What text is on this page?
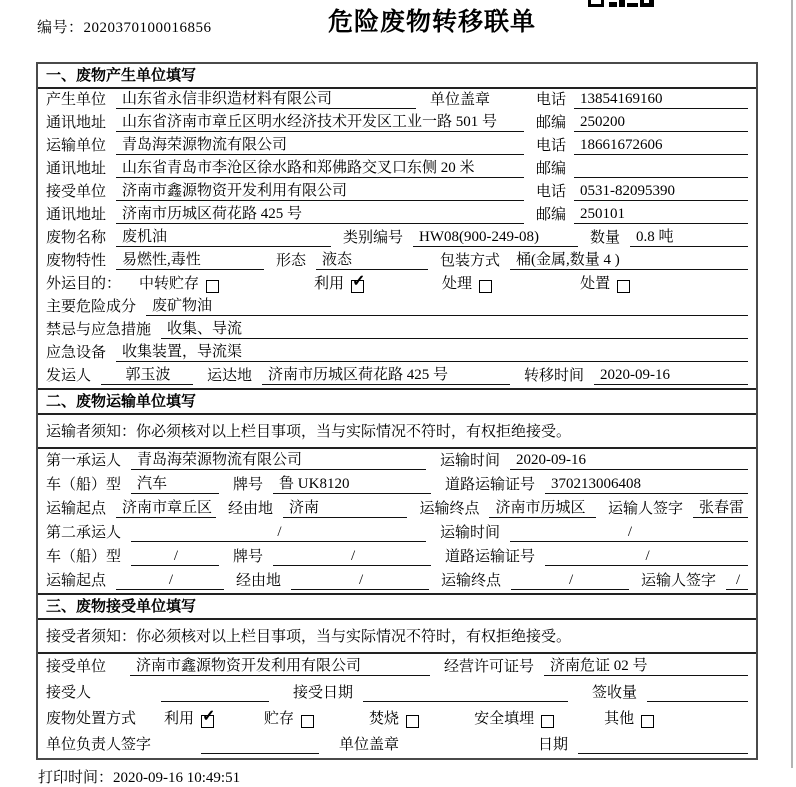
编号：2020370100016856	危险废物转移联单
一、废物产生单位填写
产生单位	山东省永信非织造材料有限公司	单位盖章	电话 13854169160
通讯地址	山东省济南市章丘区明水经济技术开发区工业一路 501 号	邮编 250200
运输单位	青岛海荣源物流有限公司	电话 18661672606
通讯地址	山东省青岛市李沧区徐水路和郑佛路交叉口东侧 20 米	邮编
接受单位	济南市鑫源物资开发利用有限公司	电话 0531-82095390
通讯地址	济南市历城区荷花路 425 号	邮编 250101
废物名称	废机油	类别编号	HW08(900-249-08)	数量	0.8 吨
废物特性	易燃性,毒性	形态	液态	包装方式	桶(金属,数量 4 )
外运目的： 中转贮存	利用 ✓	处理	处置
主要危险成分	废矿物油
禁忌与应急措施	收集、导流
应急设备	收集装置，导流渠
发运人	郭玉波	运达地	济南市历城区荷花路 425 号	转移时间	2020-09-16
二、废物运输单位填写
运输者须知：你必须核对以上栏目事项，当与实际情况不符时，有权拒绝接受。
第一承运人	青岛海荣源物流有限公司	运输时间	2020-09-16
车（船）型	汽车	牌号	鲁 UK8120	道路运输证号	370213006408
运输起点	济南市章丘区 经由地	济南	运输终点	济南市历城区	运输人签字	张春雷
第二承运人	/	运输时间	/
车（船）型	/	牌号	/	道路运输证号	/
运输起点	/	经由地	/	运输终点	/	运输人签字	/
三、废物接受单位填写
接受者须知：你必须核对以上栏目事项，当与实际情况不符时，有权拒绝接受。
接受单位	济南市鑫源物资开发利用有限公司	经营许可证号	济南危证 02 号
接受人	接受日期	签收量
废物处置方式 利用 ✓	贮存	焚烧	安全填埋	其他
单位负责人签字	单位盖章	日期
打印时间：2020-09-16 10:49:51
